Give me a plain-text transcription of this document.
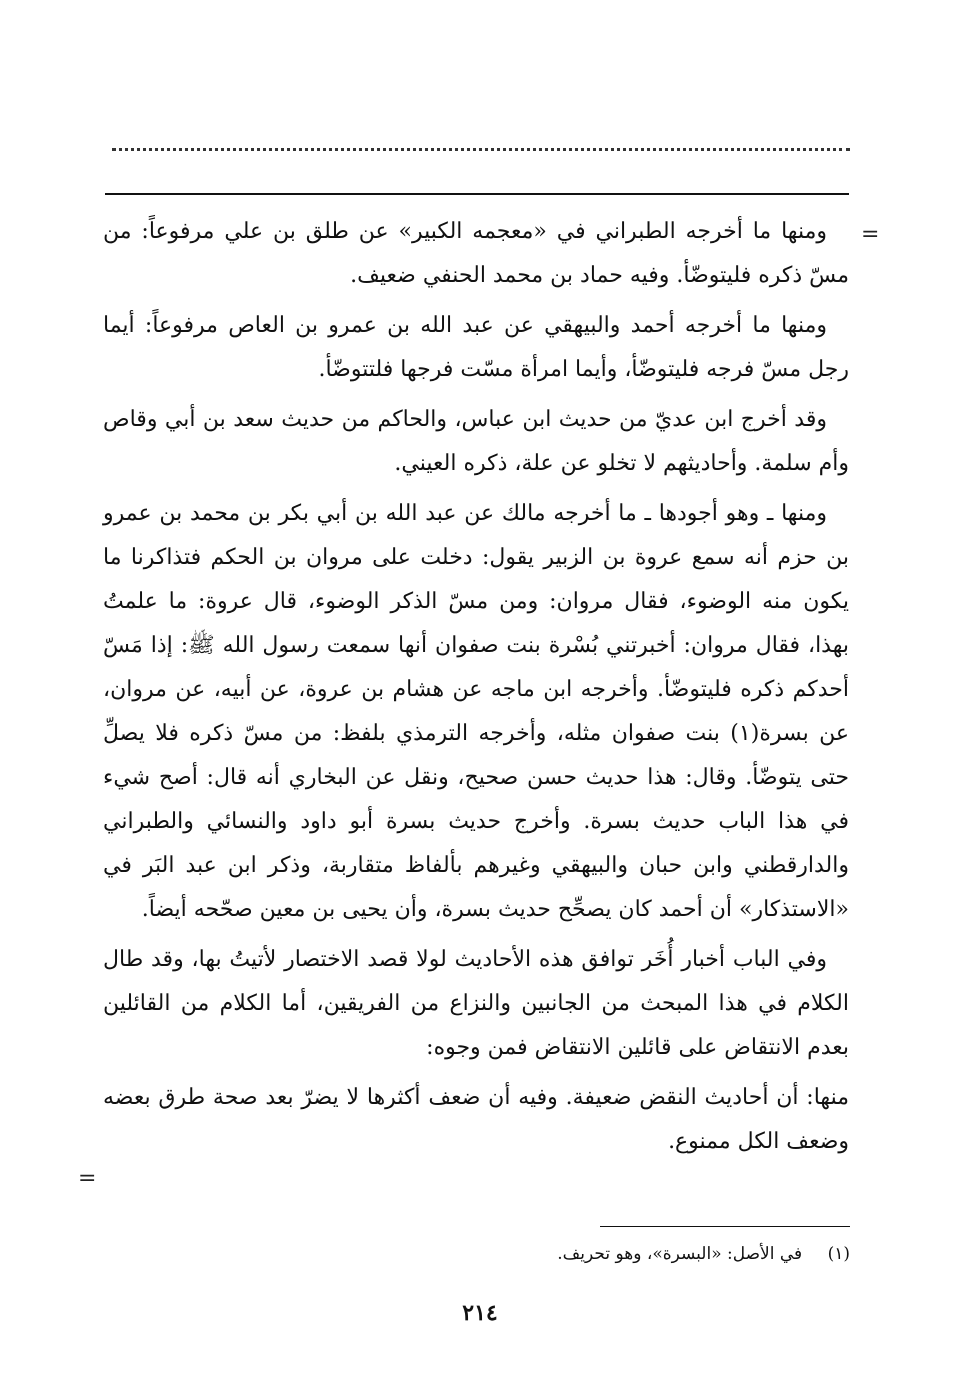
=

ومنها ما أخرجه الطبراني في «معجمه الكبير» عن طلق بن علي مرفوعاً: من مسّ ذكره فليتوضّأ. وفيه حماد بن محمد الحنفي ضعيف.

ومنها ما أخرجه أحمد والبيهقي عن عبد الله بن عمرو بن العاص مرفوعاً: أيما رجل مسّ فرجه فليتوضّأ، وأيما امرأة مسّت فرجها فلتتوضّأ.

وقد أخرج ابن عديّ من حديث ابن عباس، والحاكم من حديث سعد بن أبي وقاص وأم سلمة. وأحاديثهم لا تخلو عن علة، ذكره العيني.

ومنها ـ وهو أجودها ـ ما أخرجه مالك عن عبد الله بن أبي بكر بن محمد بن عمرو بن حزم أنه سمع عروة بن الزبير يقول: دخلت على مروان بن الحكم فتذاكرنا ما يكون منه الوضوء، فقال مروان: ومن مسّ الذكر الوضوء، قال عروة: ما علمتُ بهذا، فقال مروان: أخبرتني بُسْرة بنت صفوان أنها سمعت رسول الله ﷺ: إذا مَسّ أحدكم ذكره فليتوضّأ. وأخرجه ابن ماجه عن هشام بن عروة، عن أبيه، عن مروان، عن بسرة(١) بنت صفوان مثله، وأخرجه الترمذي بلفظ: من مسّ ذكره فلا يصلِّ حتى يتوضّأ. وقال: هذا حديث حسن صحيح، ونقل عن البخاري أنه قال: أصح شيء في هذا الباب حديث بسرة. وأخرج حديث بسرة أبو داود والنسائي والطبراني والدارقطني وابن حبان والبيهقي وغيرهم بألفاظ متقاربة، وذكر ابن عبد البَر في «الاستذكار» أن أحمد كان يصحِّح حديث بسرة، وأن يحيى بن معين صحّحه أيضاً.

وفي الباب أخبار أُخَر توافق هذه الأحاديث لولا قصد الاختصار لأتيتُ بها، وقد طال الكلام في هذا المبحث من الجانبين والنزاع من الفريقين، أما الكلام من القائلين بعدم الانتقاض على قائلين الانتقاض فمن وجوه:

منها: أن أحاديث النقض ضعيفة. وفيه أن ضعف أكثرها لا يضرّ بعد صحة طرق بعضه وضعف الكل ممنوع.

=
(١) في الأصل: «البسرة»، وهو تحريف.
٢١٤
